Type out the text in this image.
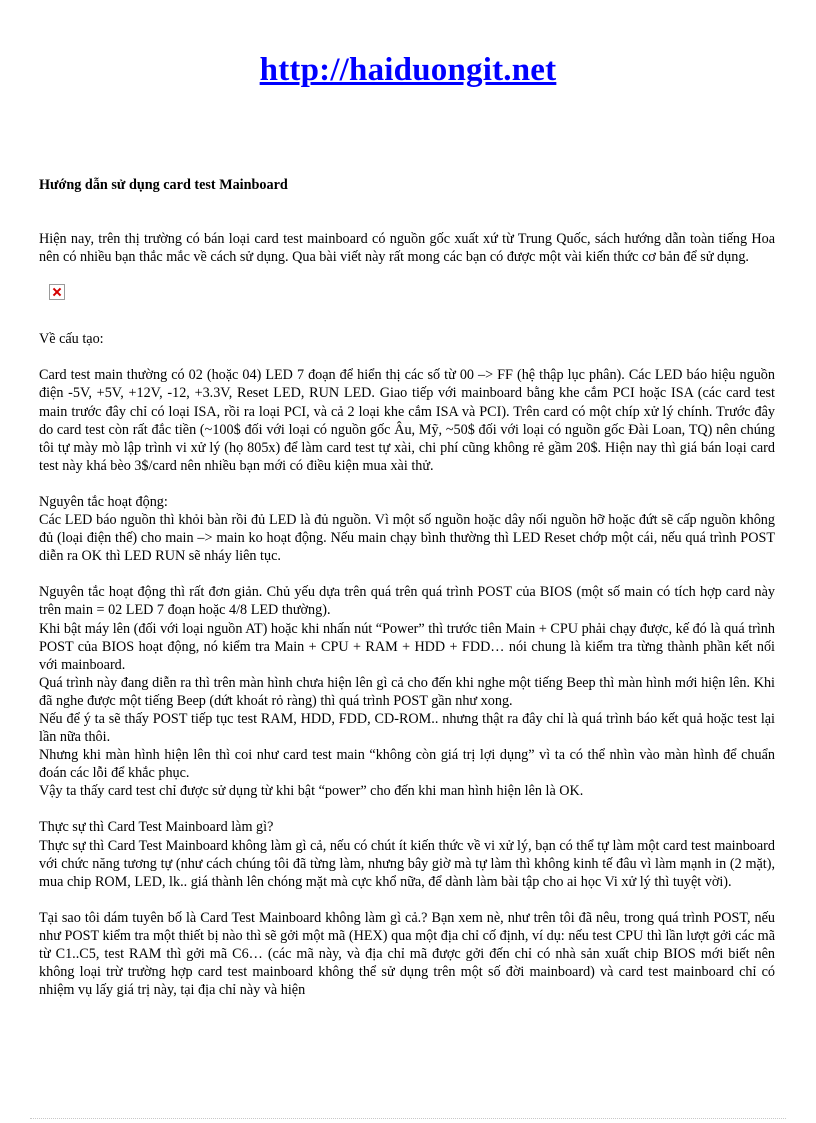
http://haiduongit.net

Hướng dẫn sử dụng card test Mainboard

Hiện nay, trên thị trường có bán loại card test mainboard có nguồn gốc xuất xứ từ Trung Quốc, sách hướng dẫn toàn tiếng Hoa nên có nhiều bạn thắc mắc về cách sử dụng. Qua bài viết này rất mong các bạn có được một vài kiến thức cơ bản để sử dụng.

Về cấu tạo:

Card test main thường có 02 (hoặc 04) LED 7 đoạn để hiển thị các số từ 00 –> FF (hệ thập lục phân). Các LED báo hiệu nguồn điện -5V, +5V, +12V, -12, +3.3V, Reset LED, RUN LED. Giao tiếp với mainboard bằng khe cắm PCI hoặc ISA (các card test main trước đây chỉ có loại ISA, rồi ra loại PCI, và cả 2 loại khe cắm ISA và PCI). Trên card có một chíp xử lý chính. Trước đây do card test còn rất đắc tiền (~100$ đối với loại có nguồn gốc Âu, Mỹ, ~50$ đối với loại có nguồn gốc Đài Loan, TQ) nên chúng tôi tự mày mò lập trình vi xử lý (họ 805x) để làm card test tự xài, chi phí cũng không rẻ gầm 20$. Hiện nay thì giá bán loại card test này khá bèo 3$/card nên nhiều bạn mới có điều kiện mua xài thử.

Nguyên tắc hoạt động:

Các LED báo nguồn thì khỏi bàn rồi đủ LED là đủ nguồn. Vì một số nguồn hoặc dây nối nguồn hỡ hoặc đứt sẽ cấp nguồn không đủ (loại điện thế) cho main –> main ko hoạt động. Nếu main chạy bình thường thì LED Reset chớp một cái, nếu quá trình POST diễn ra OK thì LED RUN sẽ nháy liên tục.

Nguyên tắc hoạt động thì rất đơn giản. Chủ yếu dựa trên quá trên quá trình POST của BIOS (một số main có tích hợp card này trên main = 02 LED 7 đoạn hoặc 4/8 LED thường).

Khi bật máy lên (đối với loại nguồn AT) hoặc khi nhấn nút “Power” thì trước tiên Main + CPU phải chạy được, kế đó là quá trình POST của BIOS hoạt động, nó kiểm tra Main + CPU + RAM + HDD + FDD… nói chung là kiểm tra từng thành phần kết nối với mainboard.

Quá trình này đang diễn ra thì trên màn hình chưa hiện lên gì cả cho đến khi nghe một tiếng Beep thì màn hình mới hiện lên. Khi đã nghe được một tiếng Beep (dứt khoát rỏ ràng) thì quá trình POST gần như xong.

Nếu để ý ta sẽ thấy POST tiếp tục test RAM, HDD, FDD, CD-ROM.. nhưng thật ra đây chỉ là quá trình báo kết quả hoặc test lại lần nữa thôi.

Nhưng khi màn hình hiện lên thì coi như card test main “không còn giá trị lợi dụng” vì ta có thể nhìn vào màn hình để chuẩn đoán các lỗi để khắc phục.

Vậy ta thấy card test chỉ được sử dụng từ khi bật “power” cho đến khi man hình hiện lên là OK.

Thực sự thì Card Test Mainboard làm gì?

Thực sự thì Card Test Mainboard không làm gì cả, nếu có chút ít kiến thức về vi xử lý, bạn có thể tự làm một card test mainboard với chức năng tương tự (như cách chúng tôi đã từng làm, nhưng bây giờ mà tự làm thì không kinh tế đâu vì làm mạnh in (2 mặt), mua chip ROM, LED, lk.. giá thành lên chóng mặt mà cực khổ nữa, để dành làm bài tập cho ai học Vi xử lý thì tuyệt vời).

Tại sao tôi dám tuyên bố là Card Test Mainboard không làm gì cả.? Bạn xem nè, như trên tôi đã nêu, trong quá trình POST, nếu như POST kiểm tra một thiết bị nào thì sẽ gởi một mã (HEX) qua một địa chỉ cố định, ví dụ: nếu test CPU thì lần lượt gởi các mã từ C1..C5, test RAM thì gởi mã C6… (các mã này, và địa chỉ mã được gởi đến chỉ có nhà sản xuất chip BIOS mới biết nên không loại trừ trường hợp card test mainboard không thể sử dụng trên một số đời mainboard) và card test mainboard chỉ có nhiệm vụ lấy giá trị này, tại địa chỉ này và hiện
